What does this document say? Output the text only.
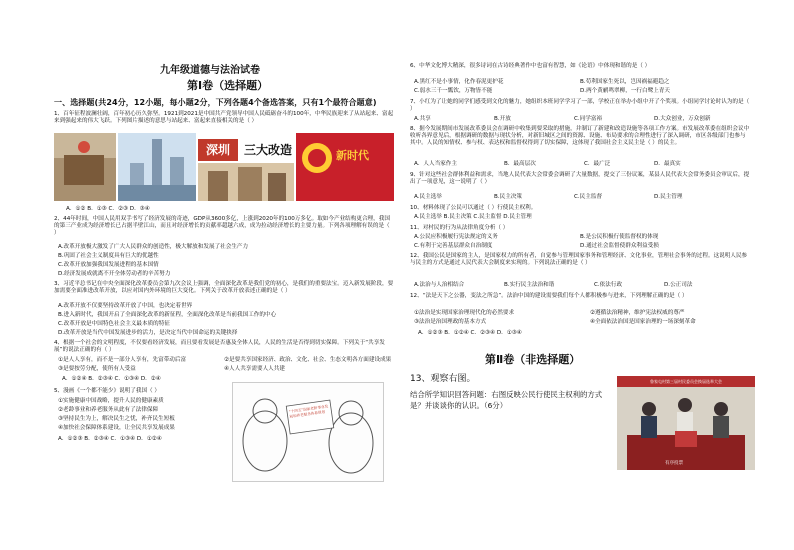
九年级道德与法治试卷
第Ⅰ卷（选择题）
一、选择题(共24分，12小题，每小题2分，下列各题4个备选答案，只有1个最符合题意)
1、百年征程波澜壮阔，百年初心历久弥坚。1921到2021是中国共产党领导中国人民砥砺奋斗的100年，中华民族迎来了从站起来、富起来到强起来的伟大飞跃。下列图片描述的意思与站起来、富起来直接相关的是（ ）
深圳	三大改造	新时代
A．①② B．①③ C．②③ D．③④
2、44年时间，中国人民用双手书写了经济发展的奇迹，GDP从3600多亿，上涨到2020年的100万多亿。取如今产业结构更合理，我国的第三产业成为经济增长已占据半壁江山，而且对经济增长的贡献率超越六成，成为拉动经济增长的主要力量。下列各项理解有误的是（ ）
A.改革开放极大激发了广大人民群众的创造性，极大解放和发展了社会生产力
B.巩固了社会主义制度具有巨大的优越性
C.改革开放加强我国发展进程的基本国情
D.经济发展成就离不开全体劳动者的辛苦努力
3、习近平总书记在中央全面深化改革委员会第九次会议上强调，全面深化改革是我们党的初心，是我们的重要法宝。迈入新发展阶段，要加需要全面准进改革开放，以应对国内外环境的巨大变化。下列关于改革开放表述正确的是（ ）
A.改革开放不仅要坚持改革开放了中国，也决定着世界
B.进入新时代，我国开启了全面深化改革的新征程，全面深化改革是当前我国工作的中心
C.改革开放是中国特色社会主义最本质的特征
D.改革开放是当代中国发展进步的活力，是决定当代中国命运的关键抉择
4、根据一个社会的文明程度，不仅要看经济发展，而且要看发展是否惠及全体人民，人民的生活是否得到切实保障。下列关于“共享发展”的说法正确的有（ ）
①是人人享有，而不是一部分人享有，先富带动后富	②是要共享国家经济、政治、文化、社会、生态文明各方面建设成果
③是要按劳分配，使所有人受益	④人人共享需要人人共建
A．①②④ B．②③④ C．①③④ D．②④
5、漫画《一个都不能少》说明了我国（ ）
①实施健康中国战略，提升人民的健康素质
②老龄事业和养老服务从此有了法律保障
③坚持民生为上，解决民生之忧，补齐民生短板
④加快社会保障体系建设，让全民共享发展成果
A．①②③ B．②③④ C．①③④ D．①②④
“十四五”国家老龄事业发展和养老服务体系规划
6、中华文化博大精深，很多诗词在古诗经典著作中也富有智慧，如《论语》中体现和谐的是（ ）
A.黑红不是小事情，化作春泥更护花	B.苟利国家生死以，岂因祸福避趋之
C.弱水三千一瓢饮，万物皆不能	D.两个黄鹂鸣翠柳，一行白鹭上青天
7、小红为了让她的同学们感受到文化的魅力，她组织本班同学学习了一部，学校正在举办小组中开了个奖项。小组同学讨论时认为的是（ ）
A.共享	B.开放	C.同学富裕	D.大众创业，万众创新
8、据今发展期间市发展改革委员会在调研中收集到要采取的措施，并制订了新建和改造设施等各项工作方案。市发展改革委在组织会议中收听各界意见后，根据调研的数据与现状分析，对新旧城区之间的资源、设施、布局要求的合理性进行了深入调研，市区各级部门也参与其中。人民的知情权、参与权、表达权和监督权得到了切实保障，这体现了我国社会主义民主是（ ）的民主。
A．人人当家作主	B．最高层次	C．最广泛	D．最真实
9、针对这些社会群体利益和需求，当地人民代表大会常委会调研了大量数据，提交了三份议案，某县人民代表大会常务委员会审议后，提出了一项意见，这一说明了（ ）
A.民主选举	B.民主决策	C.民主监督	D.民主管理
10、材料体现了公民可以通过（ ）行使民主权利。
A.民主选举 B.民主决策 C.民主监督 D.民主管理
11、对村民的行为从法律角度分析（ ）
A.公民应积极履行宪法规定的义务	B.是公民积极行使监督权的体现
C.有利于完善基层群众自治制度	D.通过社会监督使群众利益受损
12、我国公民是国家的主人，是国家权力的所有者，自觉参与管理国家事务和管理经济、文化事业，管理社会事务的过程。这说明人民参与民主的方式是通过人民代表大会制度来实现的。下列说法正确的是（ ）
A.法治与人治相结合	B.实行民主法治和谐	C.依法行政	D.公正司法
12、“法是天下之公器，变法之所急”。法治中国的建设需要我们每个人都积极参与进来，下列理解正确的是（ ）
①法治是实现国家治理现代化的必然要求	②遵循法治精神，维护宪法权威的尊严
③法治是治国理政的基本方式	④全面依法治国是国家治理的一场深刻革命
A．①②③ B．①②④ C．②③④ D．①③④
第Ⅱ卷（非选择题）
13、观察右图。
结合所学知识回答问题：右图反映公民行使民主权利的方式是？并谈谈你的认识。（6分）
鲁家屯村第三届村民委员会换届选举大会
有序投票
